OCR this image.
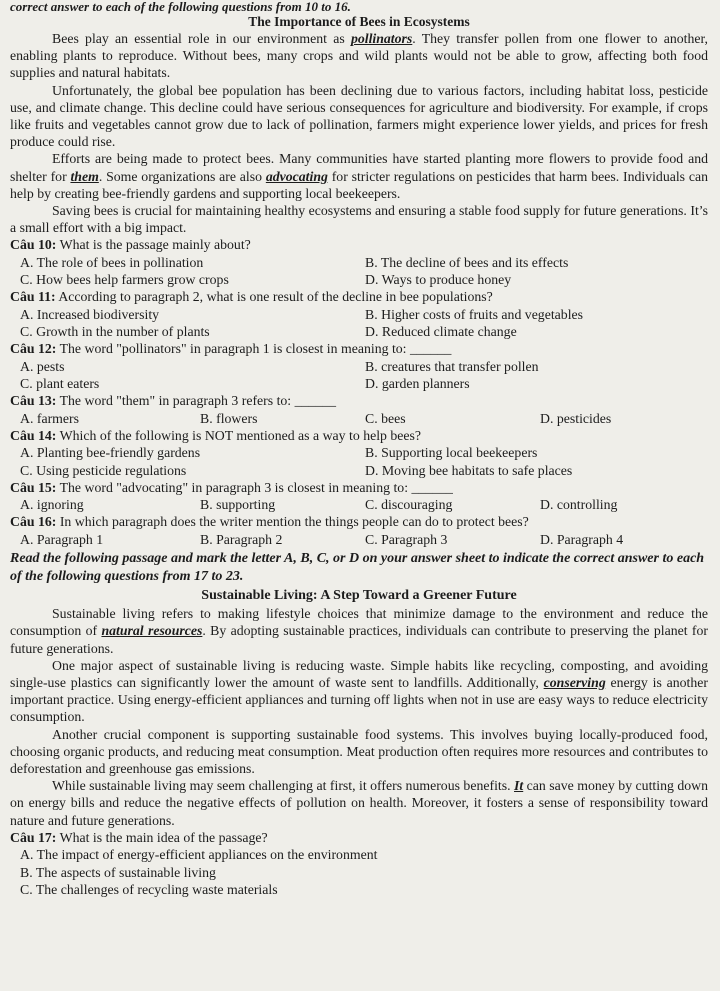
correct answer to each of the following questions from 10 to 16.

The Importance of Bees in Ecosystems

Bees play an essential role in our environment as pollinators. They transfer pollen from one flower to another, enabling plants to reproduce. Without bees, many crops and wild plants would not be able to grow, affecting both food supplies and natural habitats.

Unfortunately, the global bee population has been declining due to various factors, including habitat loss, pesticide use, and climate change. This decline could have serious consequences for agriculture and biodiversity. For example, if crops like fruits and vegetables cannot grow due to lack of pollination, farmers might experience lower yields, and prices for fresh produce could rise.

Efforts are being made to protect bees. Many communities have started planting more flowers to provide food and shelter for them. Some organizations are also advocating for stricter regulations on pesticides that harm bees. Individuals can help by creating bee-friendly gardens and supporting local beekeepers.

Saving bees is crucial for maintaining healthy ecosystems and ensuring a stable food supply for future generations. It’s a small effort with a big impact.

Câu 10: What is the passage mainly about?

A. The role of bees in pollination	B. The decline of bees and its effects
C. How bees help farmers grow crops	D. Ways to produce honey

Câu 11: According to paragraph 2, what is one result of the decline in bee populations?

A. Increased biodiversity	B. Higher costs of fruits and vegetables
C. Growth in the number of plants	D. Reduced climate change

Câu 12: The word "pollinators" in paragraph 1 is closest in meaning to: ______

A. pests	B. creatures that transfer pollen
C. plant eaters	D. garden planners

Câu 13: The word "them" in paragraph 3 refers to: ______

A. farmers	B. flowers	C. bees	D. pesticides

Câu 14: Which of the following is NOT mentioned as a way to help bees?

A. Planting bee-friendly gardens	B. Supporting local beekeepers
C. Using pesticide regulations	D. Moving bee habitats to safe places

Câu 15: The word "advocating" in paragraph 3 is closest in meaning to: ______

A. ignoring	B. supporting	C. discouraging	D. controlling

Câu 16: In which paragraph does the writer mention the things people can do to protect bees?

A. Paragraph 1	B. Paragraph 2	C. Paragraph 3	D. Paragraph 4

Read the following passage and mark the letter A, B, C, or D on your answer sheet to indicate the correct answer to each of the following questions from 17 to 23.

Sustainable Living: A Step Toward a Greener Future

Sustainable living refers to making lifestyle choices that minimize damage to the environment and reduce the consumption of natural resources. By adopting sustainable practices, individuals can contribute to preserving the planet for future generations.

One major aspect of sustainable living is reducing waste. Simple habits like recycling, composting, and avoiding single-use plastics can significantly lower the amount of waste sent to landfills. Additionally, conserving energy is another important practice. Using energy-efficient appliances and turning off lights when not in use are easy ways to reduce electricity consumption.

Another crucial component is supporting sustainable food systems. This involves buying locally-produced food, choosing organic products, and reducing meat consumption. Meat production often requires more resources and contributes to deforestation and greenhouse gas emissions.

While sustainable living may seem challenging at first, it offers numerous benefits. It can save money by cutting down on energy bills and reduce the negative effects of pollution on health. Moreover, it fosters a sense of responsibility toward nature and future generations.

Câu 17: What is the main idea of the passage?

A. The impact of energy-efficient appliances on the environment
B. The aspects of sustainable living
C. The challenges of recycling waste materials
